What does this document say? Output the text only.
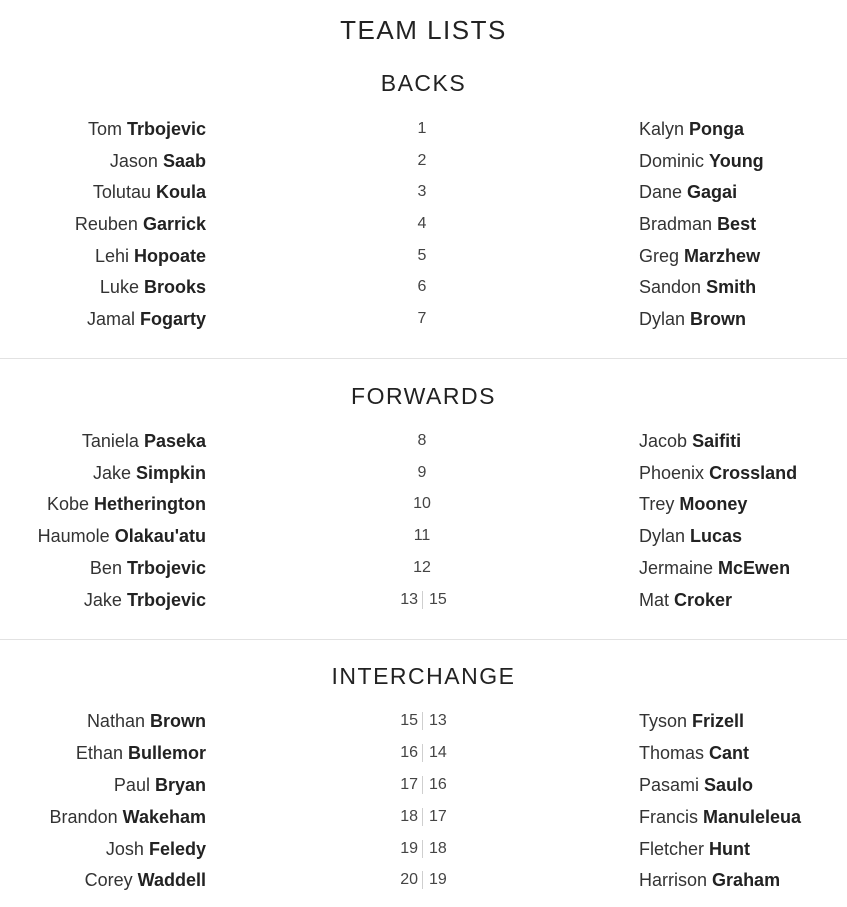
TEAM LISTS
BACKS
Tom Trbojevic	1	Kalyn Ponga
Jason Saab	2	Dominic Young
Tolutau Koula	3	Dane Gagai
Reuben Garrick	4	Bradman Best
Lehi Hopoate	5	Greg Marzhew
Luke Brooks	6	Sandon Smith
Jamal Fogarty	7	Dylan Brown
FORWARDS
Taniela Paseka	8	Jacob Saifiti
Jake Simpkin	9	Phoenix Crossland
Kobe Hetherington	10	Trey Mooney
Haumole Olakau'atu	11	Dylan Lucas
Ben Trbojevic	12	Jermaine McEwen
Jake Trbojevic	13 15	Mat Croker
INTERCHANGE
Nathan Brown	15 13	Tyson Frizell
Ethan Bullemor	16 14	Thomas Cant
Paul Bryan	17 16	Pasami Saulo
Brandon Wakeham	18 17	Francis Manuleleua
Josh Feledy	19 18	Fletcher Hunt
Corey Waddell	20 19	Harrison Graham
